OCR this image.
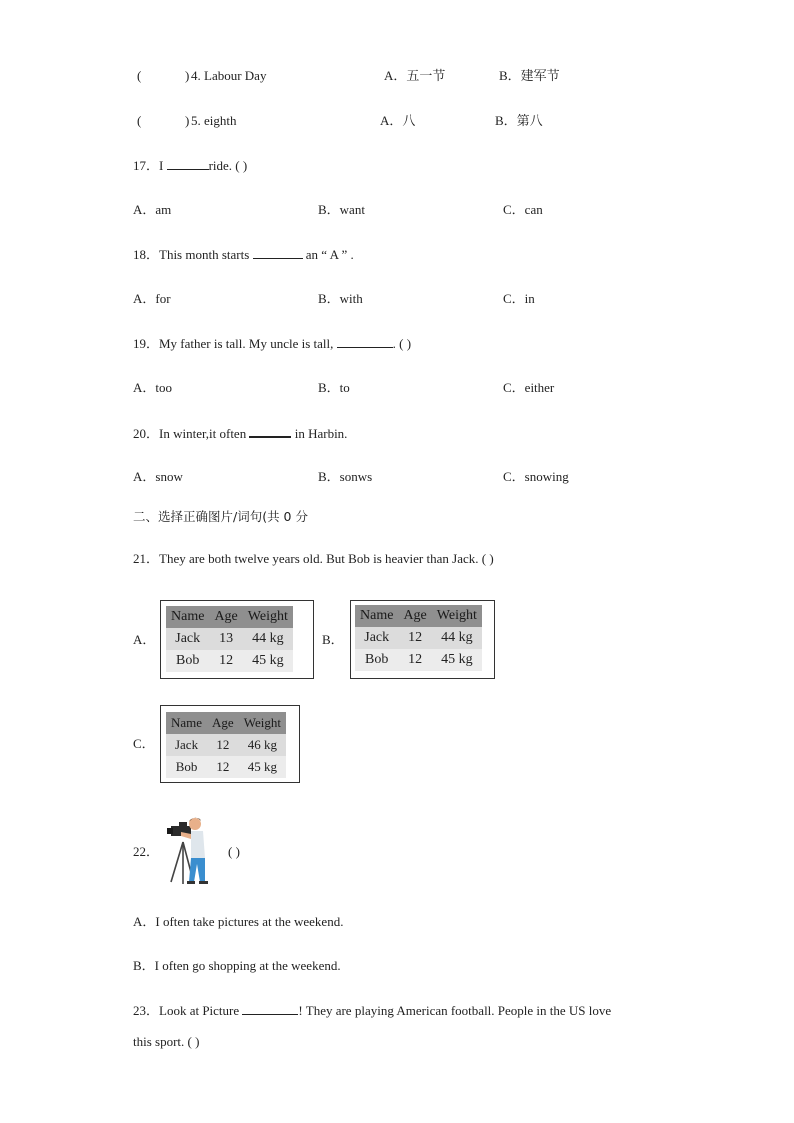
(	) 4. Labour Day	A．五一节	B．建军节
(	) 5. eighth	A．八	B．第八
17．I	ride. ( )
A．am	B．want	C．can
18．This month starts	an “ A ” .
A．for	B．with	C．in
19．My father is tall. My uncle is tall,	. ( )
A．too	B．to	C．either
20．In winter,it often	in Harbin.
A．snow	B．sonws	C．snowing
二、选择正确图片/词句(共 0 分
21．They are both twelve years old. But Bob is heavier than Jack. ( )
A．
Name	Age	Weight
Jack	13	44 kg
Bob	12	45 kg
B．
Name	Age	Weight
Jack	12	44 kg
Bob	12	45 kg
C．
Name	Age	Weight
Jack	12	46 kg
Bob	12	45 kg
22．	( )
A．I often take pictures at the weekend.
B．I often go shopping at the weekend.
23．Look at Picture	! They are playing American football. People in the US love
this sport. ( )
